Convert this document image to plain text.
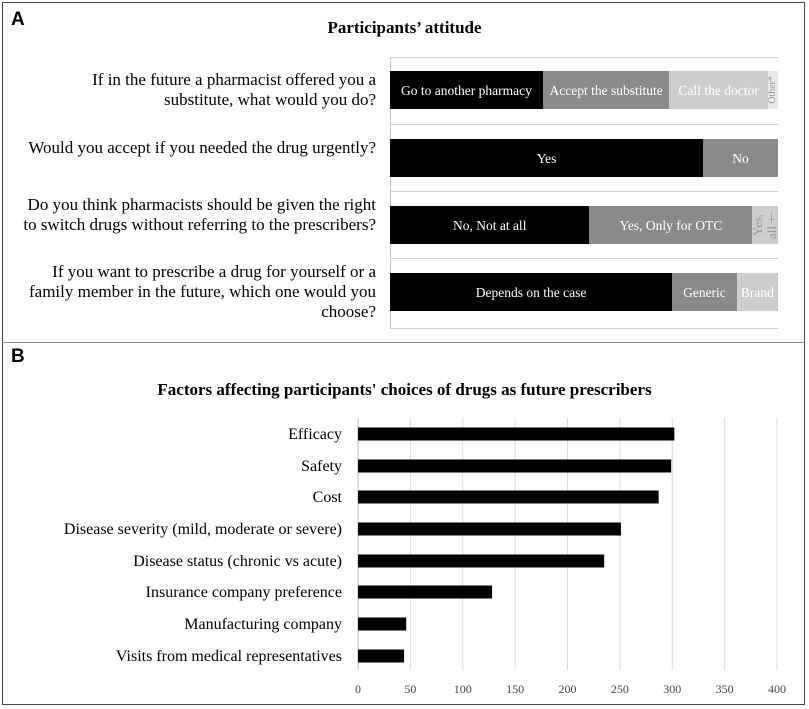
A	Participants’ attitude
If in the future a pharmacist offered you a substitute, what would you do?
Would you accept if you needed the drug urgently?
Do you think pharmacists should be given the right to switch drugs without referring to the prescribers?
If you want to prescribe a drug for yourself or a family member in the future, which one would you choose?
Go to another pharmacy	Accept the substitute	Call the doctor Other*
Yes	No
No, Not at all	Yes, Only for OTC Yes, all†
Depends on the case	Generic Brand
B
Factors affecting participants' choices of drugs as future prescribers
0	50	100	150	200	250	300	350	400
Efficacy
Safety
Cost
Disease severity (mild, moderate or severe)
Disease status (chronic vs acute)
Insurance company preference
Manufacturing company
Visits from medical representatives
